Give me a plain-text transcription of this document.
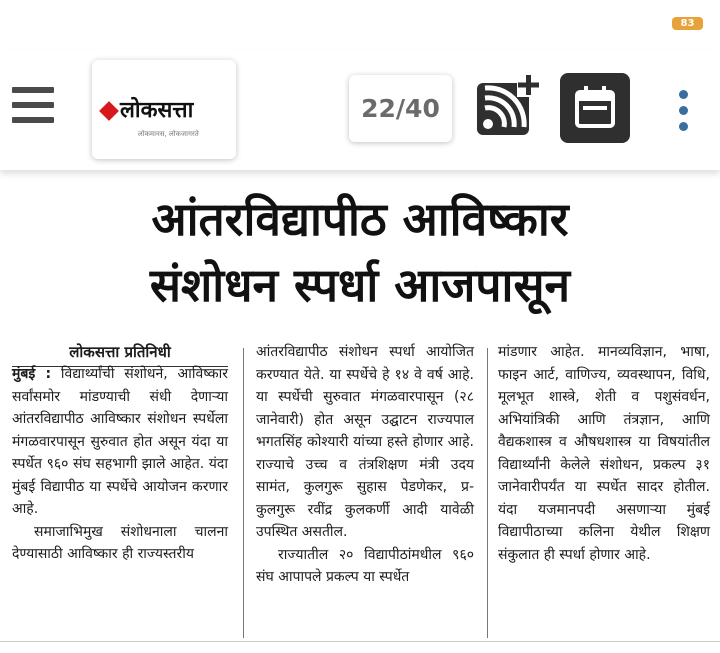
83
लोकसत्ता
लोकमानस, लोकजागरते
22/40
आंतरविद्यापीठ आविष्कार
संशोधन स्पर्धा आजपासून
लोकसत्ता प्रतिनिधी

मुंबई : विद्यार्थ्यांची संशोधने, आविष्कार सर्वांसमोर मांडण्याची संधी देणाऱ्या आंतरविद्यापीठ आविष्कार संशोधन स्पर्धेला मंगळवारपासून सुरुवात होत असून यंदा या स्पर्धेत ९६० संघ सहभागी झाले आहेत. यंदा मुंबई विद्यापीठ या स्पर्धेचे आयोजन करणार आहे.

समाजाभिमुख संशोधनाला चालना देण्यासाठी आविष्कार ही राज्यस्तरीय

आंतरविद्यापीठ संशोधन स्पर्धा आयोजित करण्यात येते. या स्पर्धेचे हे १४ वे वर्ष आहे. या स्पर्धेची सुरुवात मंगळवारपासून (२८ जानेवारी) होत असून उद्घाटन राज्यपाल भगतसिंह कोश्यारी यांच्या हस्ते होणार आहे. राज्याचे उच्च व तंत्रशिक्षण मंत्री उदय सामंत, कुलगुरू सुहास पेडणेकर, प्र-कुलगुरू रवींद्र कुलकर्णी आदी यावेळी उपस्थित असतील.

राज्यातील २० विद्यापीठांमधील ९६० संघ आपापले प्रकल्प या स्पर्धेत

मांडणार आहेत. मानव्यविज्ञान, भाषा, फाइन आर्ट, वाणिज्य, व्यवस्थापन, विधि, मूलभूत शास्त्रे, शेती व पशुसंवर्धन, अभियांत्रिकी आणि तंत्रज्ञान, आणि वैद्यकशास्त्र व औषधशास्त्र या विषयांतील विद्यार्थ्यांनी केलेले संशोधन, प्रकल्प ३१ जानेवारीपर्यंत या स्पर्धेत सादर होतील. यंदा यजमानपदी असणाऱ्या मुंबई विद्यापीठाच्या कलिना येथील शिक्षण संकुलात ही स्पर्धा होणार आहे.
